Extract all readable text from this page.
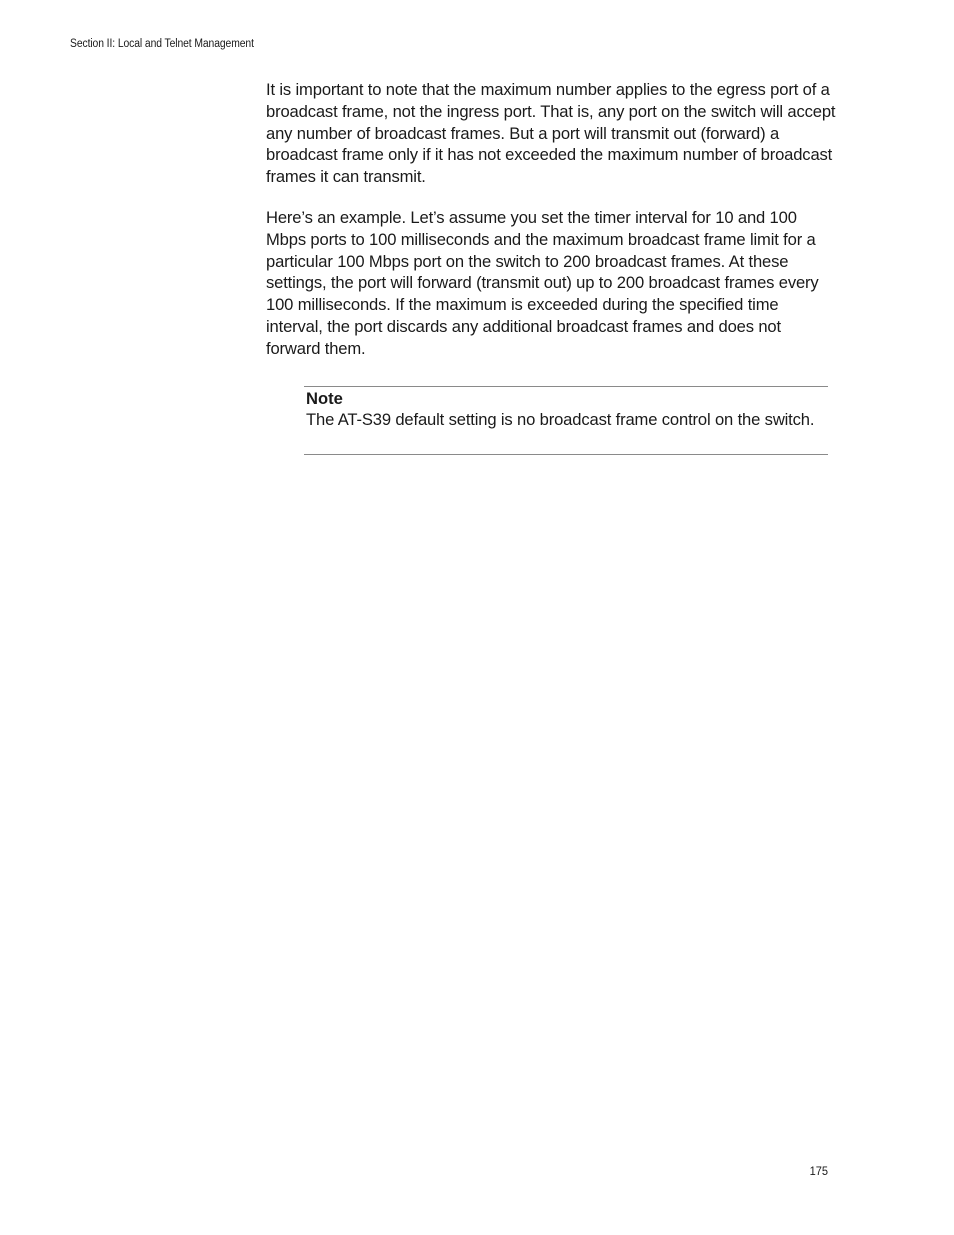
Section II: Local and Telnet Management

It is important to note that the maximum number applies to the egress port of a broadcast frame, not the ingress port. That is, any port on the switch will accept any number of broadcast frames. But a port will transmit out (forward) a broadcast frame only if it has not exceeded the maximum number of broadcast frames it can transmit.

Here’s an example. Let’s assume you set the timer interval for 10 and 100 Mbps ports to 100 milliseconds and the maximum broadcast frame limit for a particular 100 Mbps port on the switch to 200 broadcast frames. At these settings, the port will forward (transmit out) up to 200 broadcast frames every 100 milliseconds. If the maximum is exceeded during the specified time interval, the port discards any additional broadcast frames and does not forward them.

Note

The AT-S39 default setting is no broadcast frame control on the switch.

175
